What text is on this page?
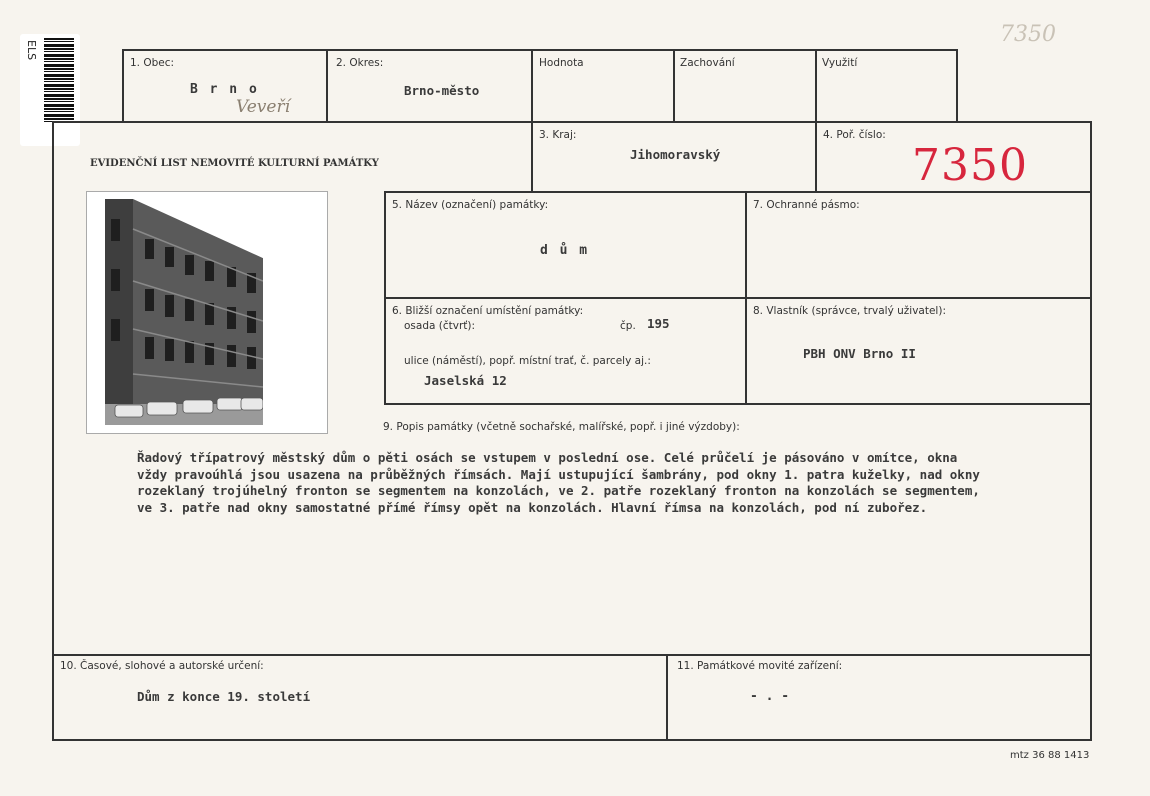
ELS
7350
1. Obec:
B r n o
Veveří
2. Okres:
Brno-město
Hodnota	Zachování	Využití
EVIDENČNÍ LIST NEMOVITÉ KULTURNÍ PAMÁTKY
3. Kraj:
Jihomoravský
4. Poř. číslo:
7350
5. Název (označení) památky:
d ů m
7. Ochranné pásmo:
6. Bližší označení umístění památky:
osada (čtvrť):	čp. 195
ulice (náměstí), popř. místní trať, č. parcely aj.:
Jaselská 12
8. Vlastník (správce, trvalý uživatel):
PBH ONV Brno II
9. Popis památky (včetně sochařské, malířské, popř. i jiné výzdoby):
Řadový třípatrový městský dům o pěti osách se vstupem v poslední ose. Celé průčelí je pásováno v omítce, okna
vždy pravoúhlá jsou usazena na průběžných římsách. Mají ustupující šambrány, pod okny 1. patra kuželky, nad okny
rozeklaný trojúhelný fronton se segmentem na konzolách, ve 2. patře rozeklaný fronton na konzolách se segmentem,
ve 3. patře nad okny samostatné přímé římsy opět na konzolách. Hlavní římsa na konzolách, pod ní zubořez.
10. Časové, slohové a autorské určení:
Dům z konce 19. století
11. Památkové movité zařízení:
- . -
mtz 36 88 1413
